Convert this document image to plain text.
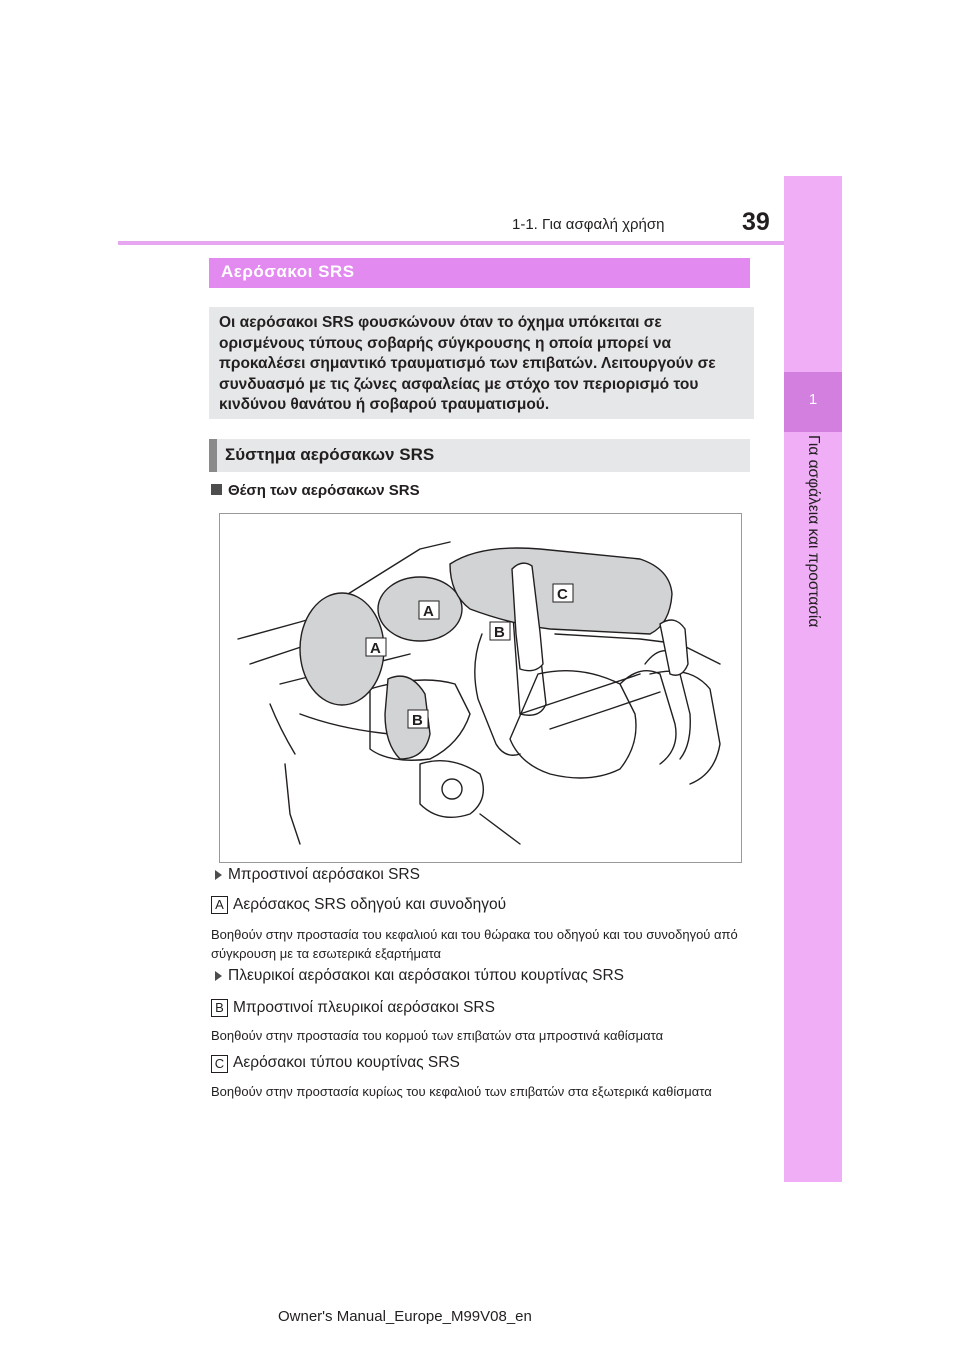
1-1. Για ασφαλή χρήση	39
1
Για ασφάλεια και προστασία
Αερόσακοι SRS

Οι αερόσακοι SRS φουσκώνουν όταν το όχημα υπόκειται σε ορισμένους τύπους σοβαρής σύγκρουσης η οποία μπορεί να προκαλέσει σημαντικό τραυματισμό των επιβατών. Λειτουργούν σε συνδυασμό με τις ζώνες ασφαλείας με στόχο τον περιορισμό του κινδύνου θανάτου ή σοβαρού τραυματισμού.

Σύστημα αερόσακων SRS
Θέση των αερόσακων SRS
A
A
B
B
C
Μπροστινοί αερόσακοι SRS
A Αερόσακος SRS οδηγού και συνοδηγού
Βοηθούν στην προστασία του κεφαλιού και του θώρακα του οδηγού και του συνοδηγού από σύγκρουση με τα εσωτερικά εξαρτήματα
Πλευρικοί αερόσακοι και αερόσακοι τύπου κουρτίνας SRS
B Μπροστινοί πλευρικοί αερόσακοι SRS
Βοηθούν στην προστασία του κορμού των επιβατών στα μπροστινά καθίσματα
C Αερόσακοι τύπου κουρτίνας SRS
Βοηθούν στην προστασία κυρίως του κεφαλιού των επιβατών στα εξωτερικά καθίσματα
Owner's Manual_Europe_M99V08_en
